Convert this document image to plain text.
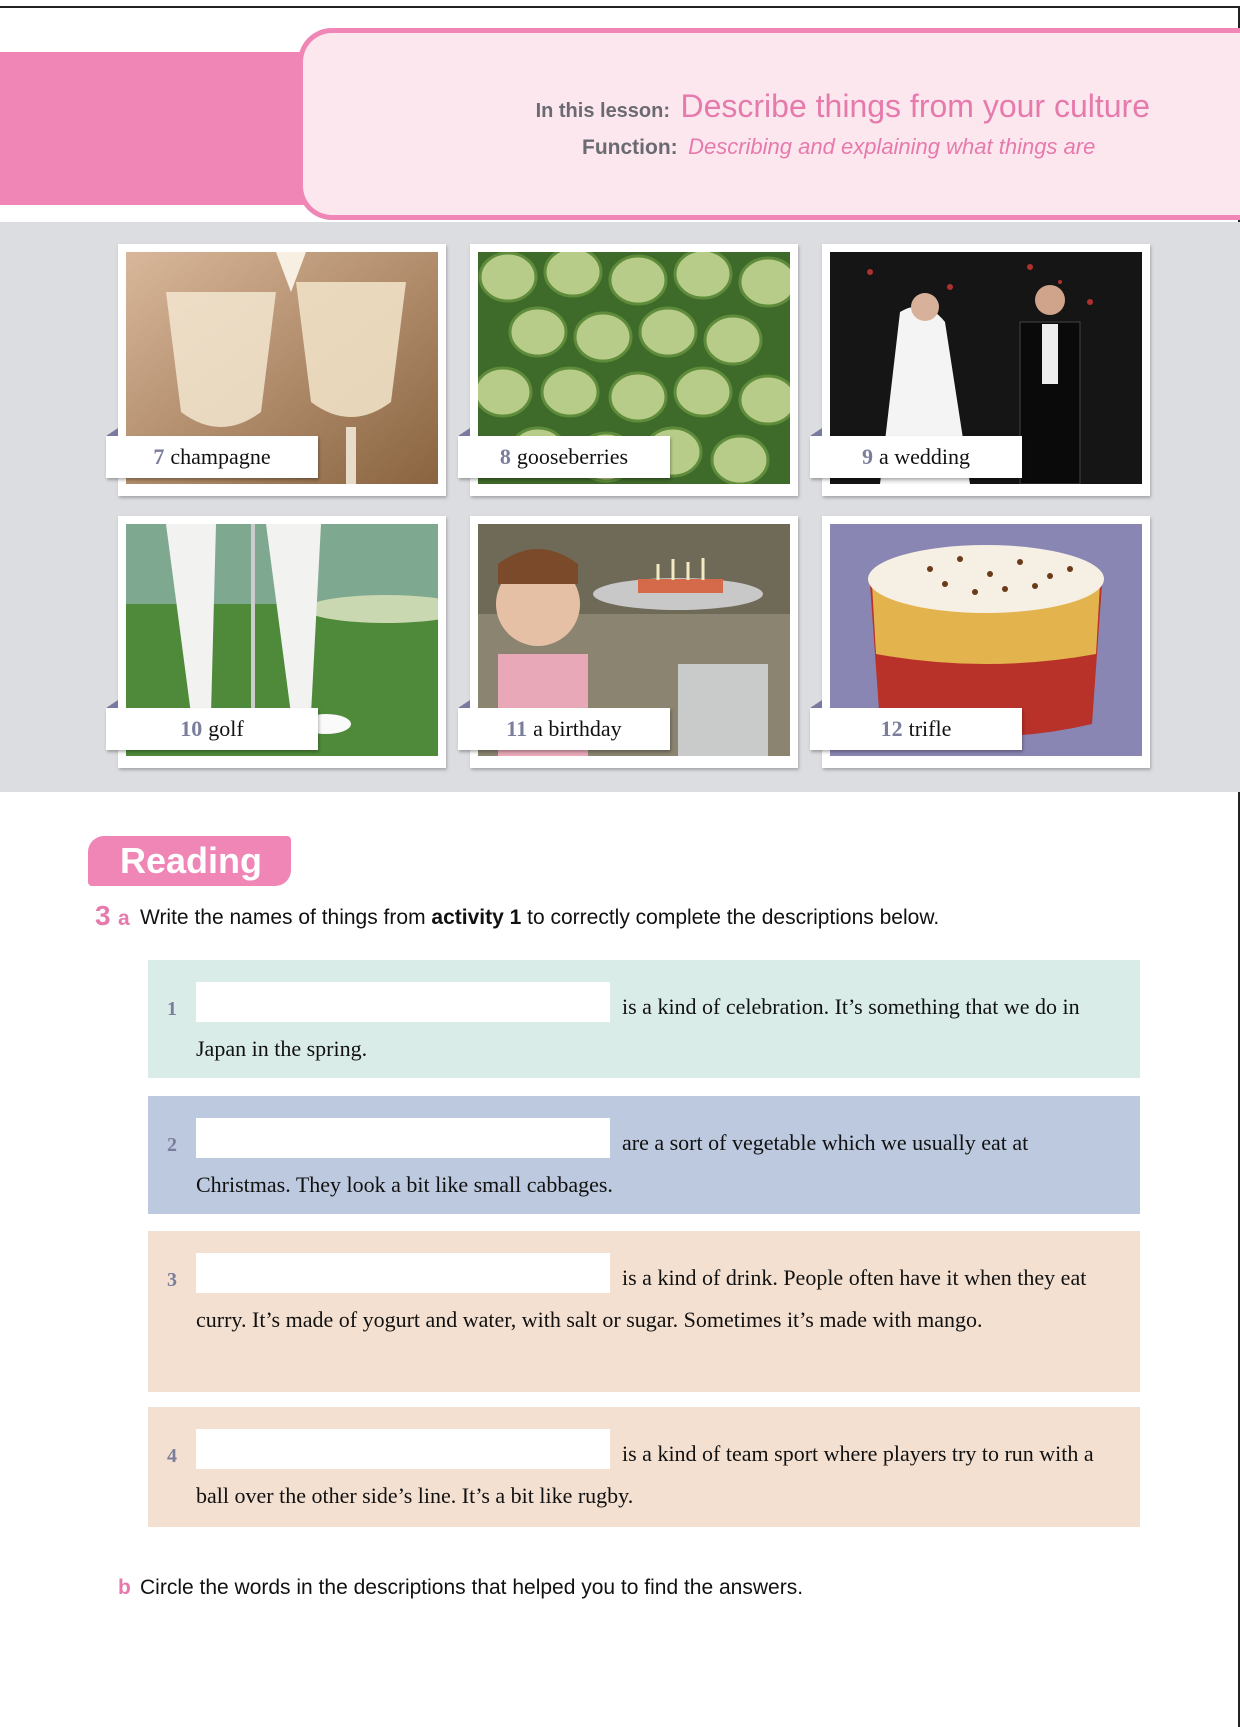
In this lesson: Describe things from your culture
Function: Describing and explaining what things are
7 champagne	8 gooseberries	9 a wedding
10 golf	11 a birthday	12 trifle
Reading
3 a Write the names of things from activity 1 to correctly complete the descriptions below.
1	is a kind of celebration. It’s something that we do in Japan in the spring.
2	are a sort of vegetable which we usually eat at Christmas. They look a bit like small cabbages.
3	is a kind of drink. People often have it when they eat curry. It’s made of yogurt and water, with salt or sugar. Sometimes it’s made with mango.
4	is a kind of team sport where players try to run with a ball over the other side’s line. It’s a bit like rugby.
b Circle the words in the descriptions that helped you to find the answers.
